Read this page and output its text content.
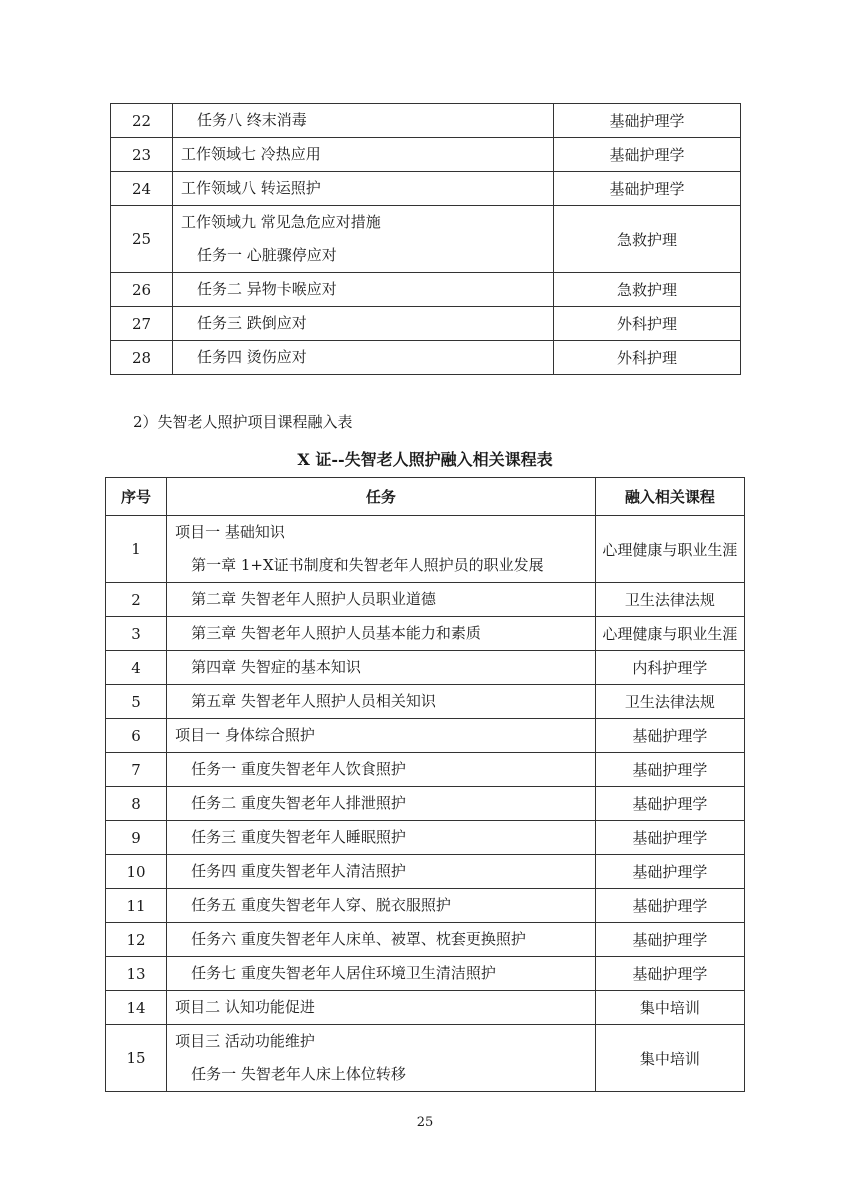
22	任务八 终末消毒	基础护理学
23	工作领域七 冷热应用	基础护理学
24	工作领域八 转运照护	基础护理学
25	工作领域九 常见急危应对措施
任务一 心脏骤停应对	急救护理
26	任务二 异物卡喉应对	急救护理
27	任务三 跌倒应对	外科护理
28	任务四 烫伤应对	外科护理
2）失智老人照护项目课程融入表
X 证--失智老人照护融入相关课程表
序号	任务	融入相关课程
1	项目一 基础知识
第一章 1+X证书制度和失智老年人照护员的职业发展	心理健康与职业生涯
2	第二章 失智老年人照护人员职业道德	卫生法律法规
3	第三章 失智老年人照护人员基本能力和素质	心理健康与职业生涯
4	第四章 失智症的基本知识	内科护理学
5	第五章 失智老年人照护人员相关知识	卫生法律法规
6	项目一 身体综合照护	基础护理学
7	任务一 重度失智老年人饮食照护	基础护理学
8	任务二 重度失智老年人排泄照护	基础护理学
9	任务三 重度失智老年人睡眠照护	基础护理学
10	任务四 重度失智老年人清洁照护	基础护理学
11	任务五 重度失智老年人穿、脱衣服照护	基础护理学
12	任务六 重度失智老年人床单、被罩、枕套更换照护	基础护理学
13	任务七 重度失智老年人居住环境卫生清洁照护	基础护理学
14	项目二 认知功能促进	集中培训
15	项目三 活动功能维护
任务一 失智老年人床上体位转移	集中培训
25
